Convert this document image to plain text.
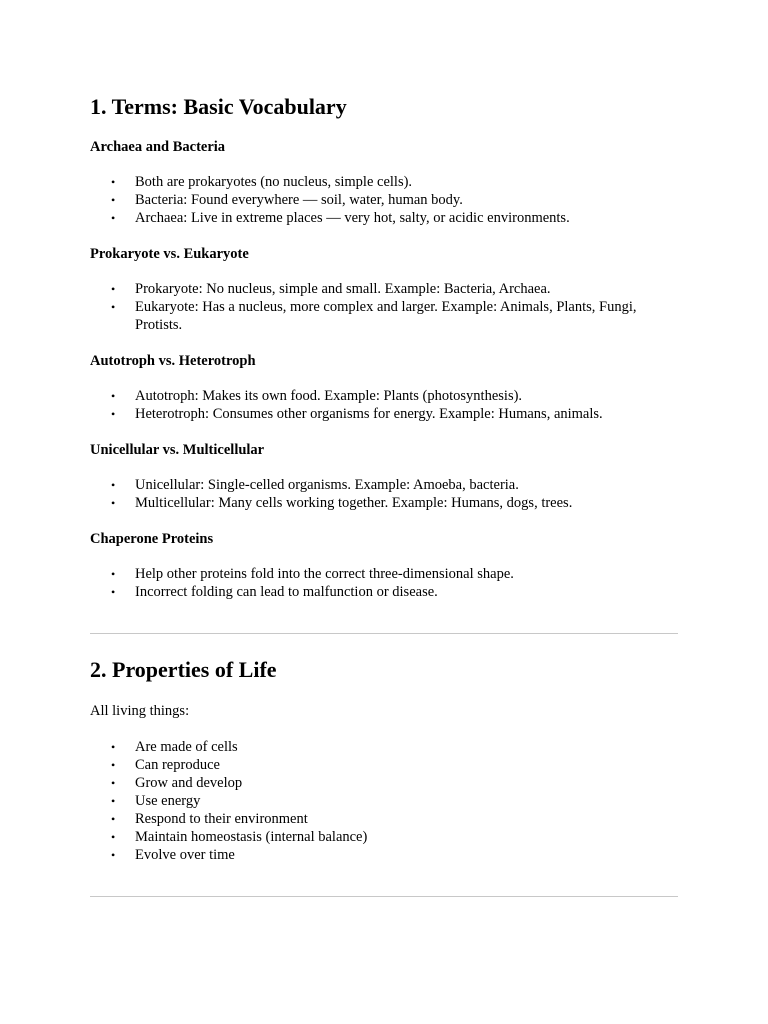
1. Terms: Basic Vocabulary
Archaea and Bacteria
• Both are prokaryotes (no nucleus, simple cells).
• Bacteria: Found everywhere — soil, water, human body.
• Archaea: Live in extreme places — very hot, salty, or acidic environments.
Prokaryote vs. Eukaryote
• Prokaryote: No nucleus, simple and small. Example: Bacteria, Archaea.
• Eukaryote: Has a nucleus, more complex and larger. Example: Animals, Plants, Fungi, Protists.
Autotroph vs. Heterotroph
• Autotroph: Makes its own food. Example: Plants (photosynthesis).
• Heterotroph: Consumes other organisms for energy. Example: Humans, animals.
Unicellular vs. Multicellular
• Unicellular: Single-celled organisms. Example: Amoeba, bacteria.
• Multicellular: Many cells working together. Example: Humans, dogs, trees.
Chaperone Proteins
• Help other proteins fold into the correct three-dimensional shape.
• Incorrect folding can lead to malfunction or disease.
2. Properties of Life

All living things:

• Are made of cells
• Can reproduce
• Grow and develop
• Use energy
• Respond to their environment
• Maintain homeostasis (internal balance)
• Evolve over time
